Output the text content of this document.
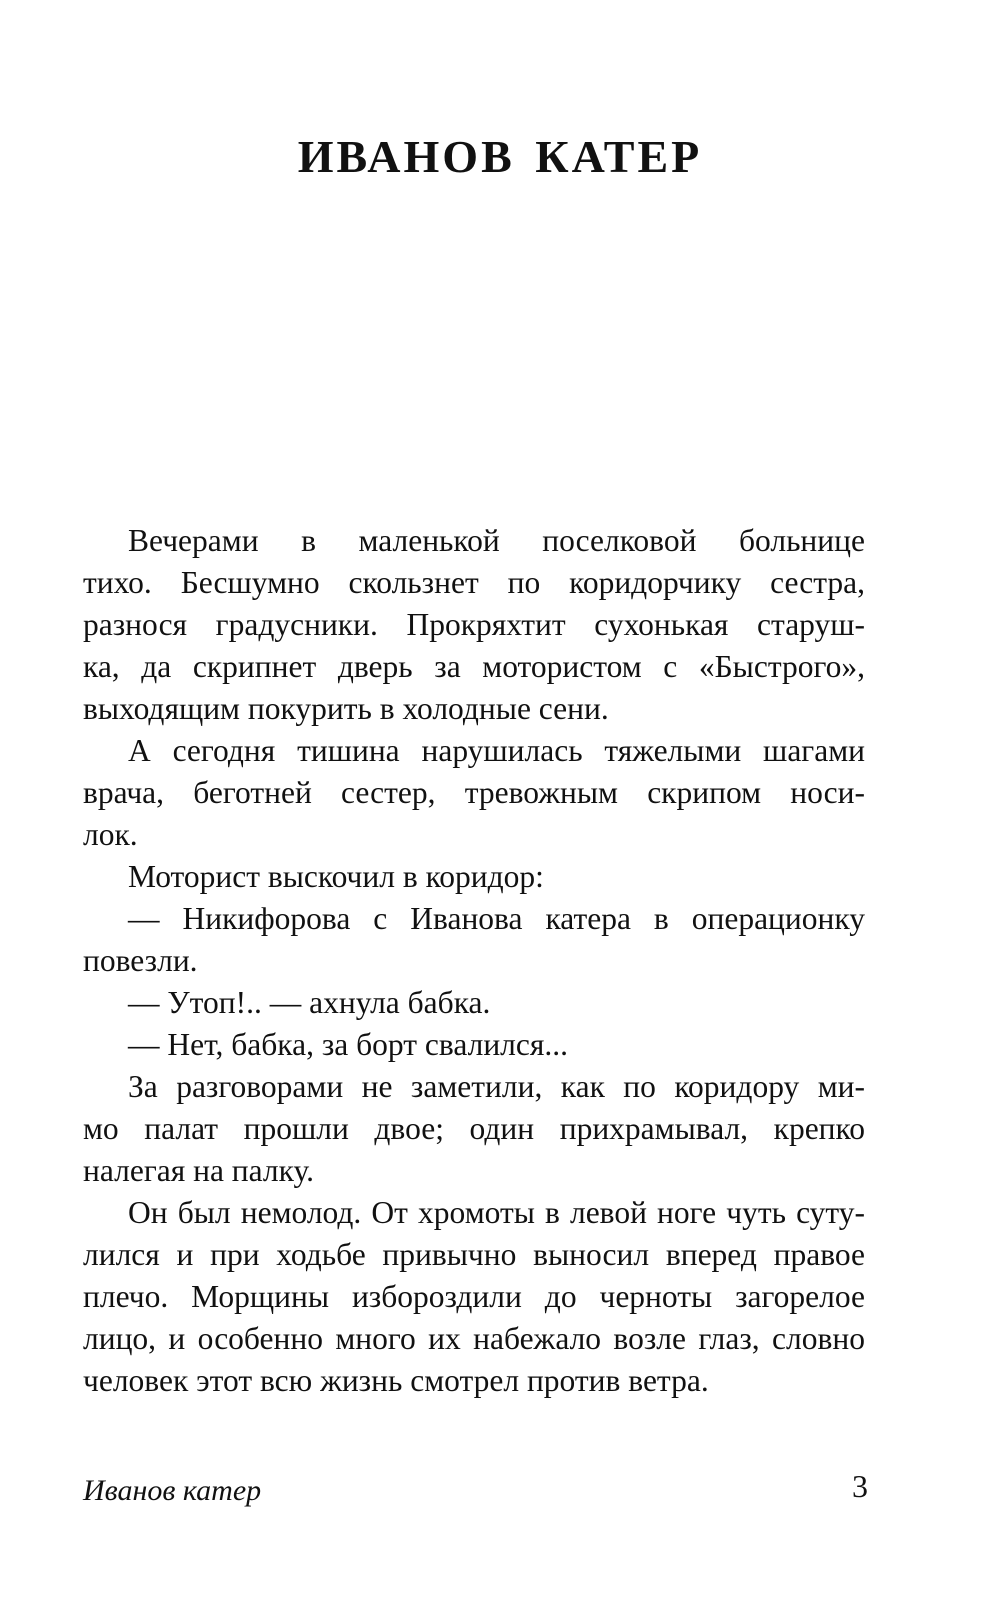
ИВАНОВ КАТЕР
Вечерами в маленькой поселковой больнице
тихо. Бесшумно скользнет по коридорчику сестра,
разнося градусники. Прокряхтит сухонькая старуш-
ка, да скрипнет дверь за мотористом с «Быстрого»,
выходящим покурить в холодные сени.
А сегодня тишина нарушилась тяжелыми шагами
врача, беготней сестер, тревожным скрипом носи-
лок.
Моторист выскочил в коридор:
— Никифорова с Иванова катера в операционку
повезли.
— Утоп!.. — ахнула бабка.
— Нет, бабка, за борт свалился...
За разговорами не заметили, как по коридору ми-
мо палат прошли двое; один прихрамывал, крепко
налегая на палку.
Он был немолод. От хромоты в левой ноге чуть суту-
лился и при ходьбе привычно выносил вперед правое
плечо. Морщины избороздили до черноты загорелое
лицо, и особенно много их набежало возле глаз, словно
человек этот всю жизнь смотрел против ветра.
Иванов катер	3
